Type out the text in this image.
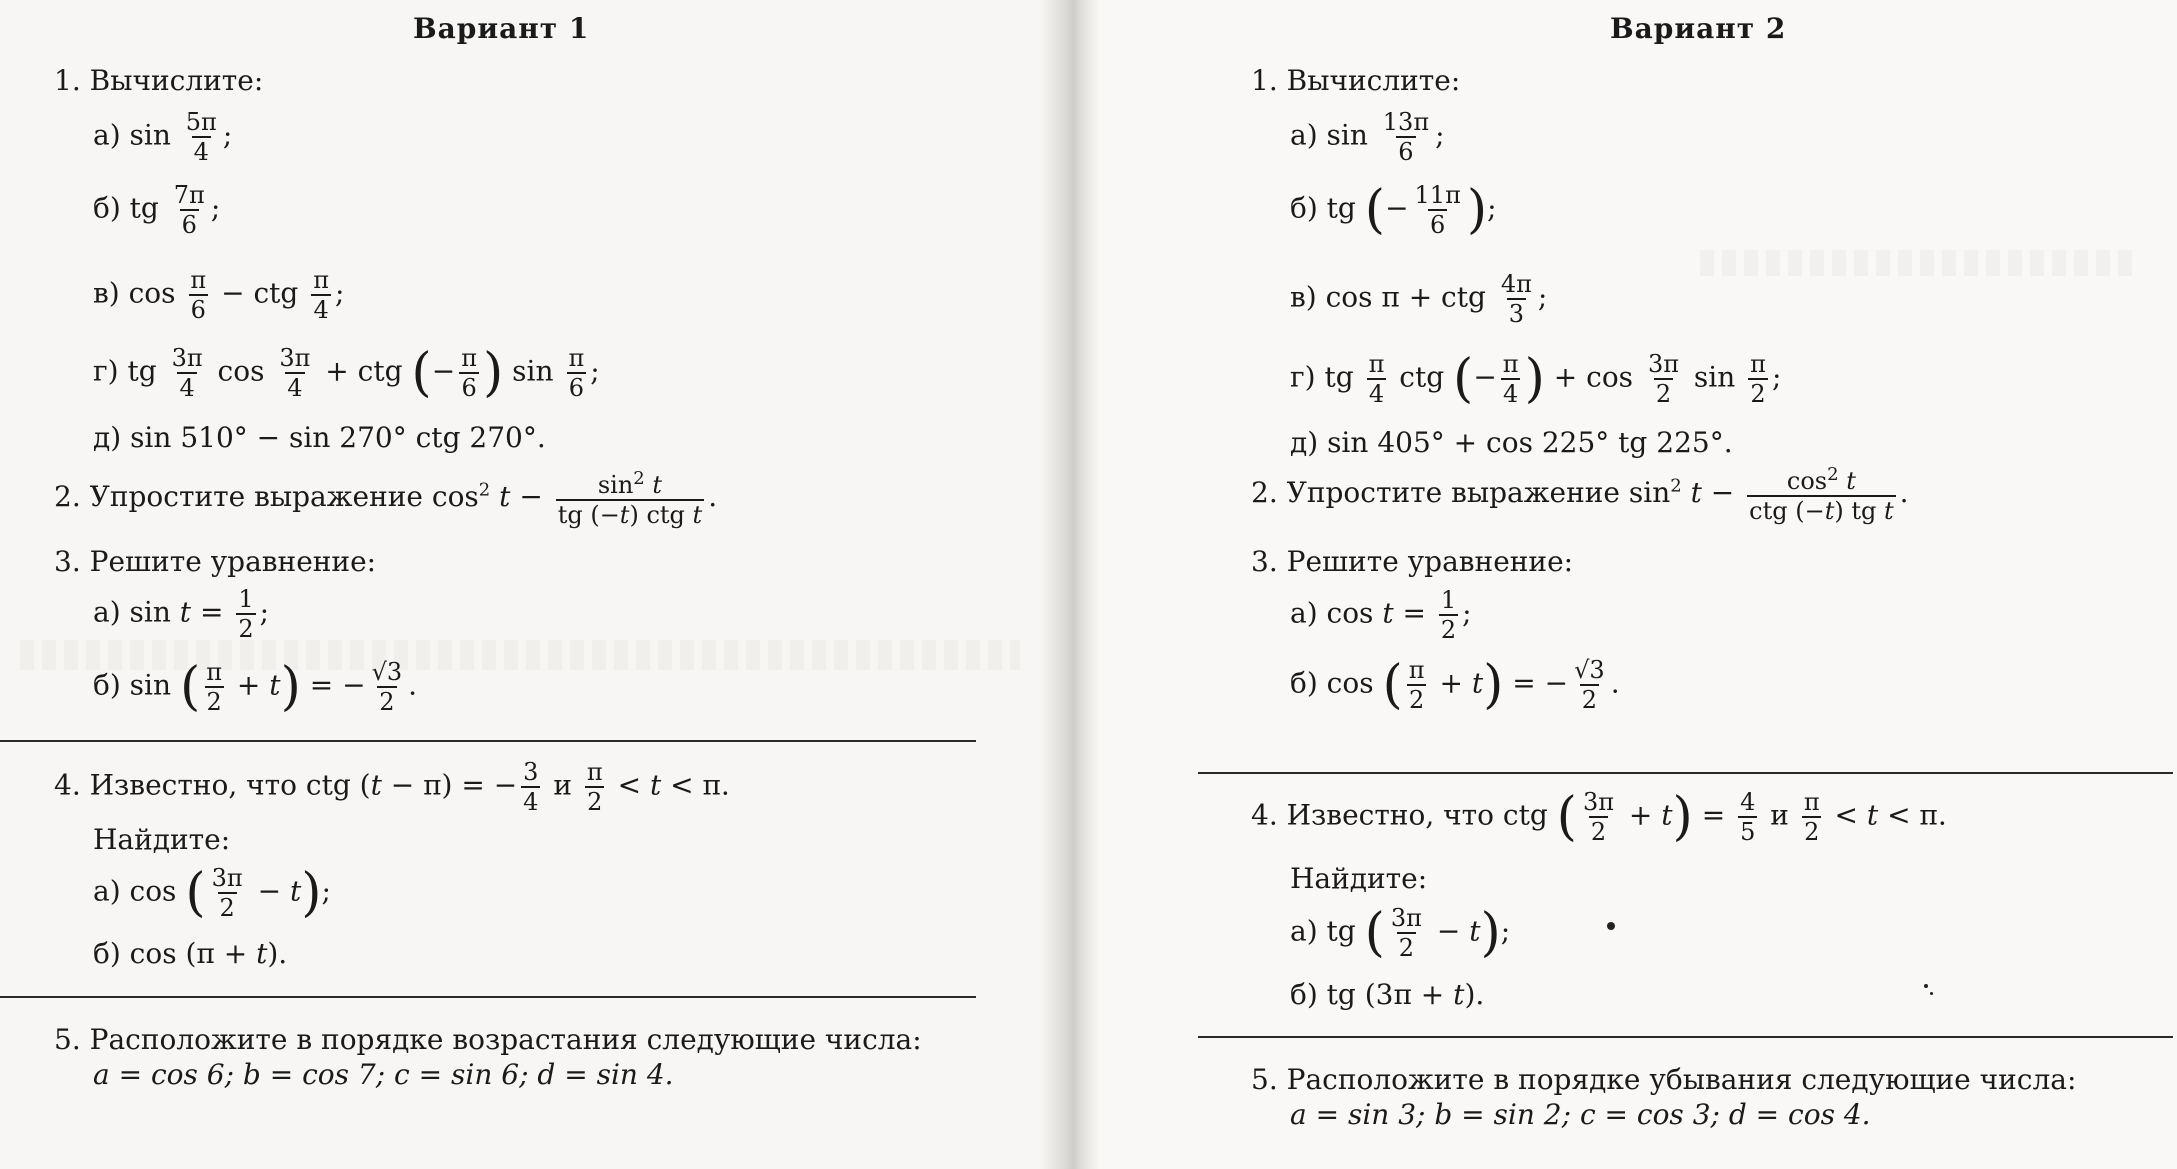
Вариант 1
1. Вычислите:
а) $\sin \frac{5\pi}{4}$ ;
б) tg $\frac{7\pi}{6}$ ;
в) $\cos \frac{\pi}{6}$ − ctg $\frac{\pi}{4}$ ;
г) tg $\frac{3\pi}{4}$ $\cos \frac{3\pi}{4}$ + ctg (− $\frac{\pi}{6}$ ) $\sin \frac{\pi}{6}$ ;
д) sin 510° − sin 270° ctg 270°.
2. Упростите выражение $\cos^2 t - \frac{\sin^2 t}{\text{tg (−t) ctg t}}$ .
3. Решите уравнение:
а) $\sin t = \frac{1}{2}$ ;
б) sin ( $\frac{\pi}{2} + t$) = − $\frac{√3}{2}$ .
4. Известно, что ctg (t − π) = − $\frac{3}{4}$ и $\frac{\pi}{2} < t < \pi$.
Найдите:
а) cos ( $\frac{3\pi}{2} - t$);
б) cos (π + t).
5. Расположите в порядке возрастания следующие числа:
a = cos 6; b = cos 7; c = sin 6; d = sin 4.
Вариант 2
1. Вычислите:
а) $\sin \frac{13\pi}{6}$ ;
б) tg (− $\frac{11\pi}{6}$ );
в) cos π + ctg $\frac{4\pi}{3}$ ;
г) tg $\frac{\pi}{4}$ ctg (− $\frac{\pi}{4}$ ) + $\cos \frac{3\pi}{2}$ $\sin \frac{\pi}{2}$ ;
д) sin 405° + cos 225° tg 225°.
2. Упростите выражение $\sin^2 t - \frac{\cos^2 t}{\text{ctg (−t) tg t}}$ .
3. Решите уравнение:
а) $\cos t = \frac{1}{2}$ ;
б) cos ( $\frac{\pi}{2} + t$) = − $\frac{√3}{2}$ .
4. Известно, что ctg ( $\frac{3\pi}{2} + t) = \frac{4}{5}$ и $\frac{\pi}{2} < t < \pi$.
Найдите:
а) tg ( $\frac{3\pi}{2} - t$);
б) tg (3π + t).
5. Расположите в порядке убывания следующие числа:
a = sin 3; b = sin 2; c = cos 3; d = cos 4.
